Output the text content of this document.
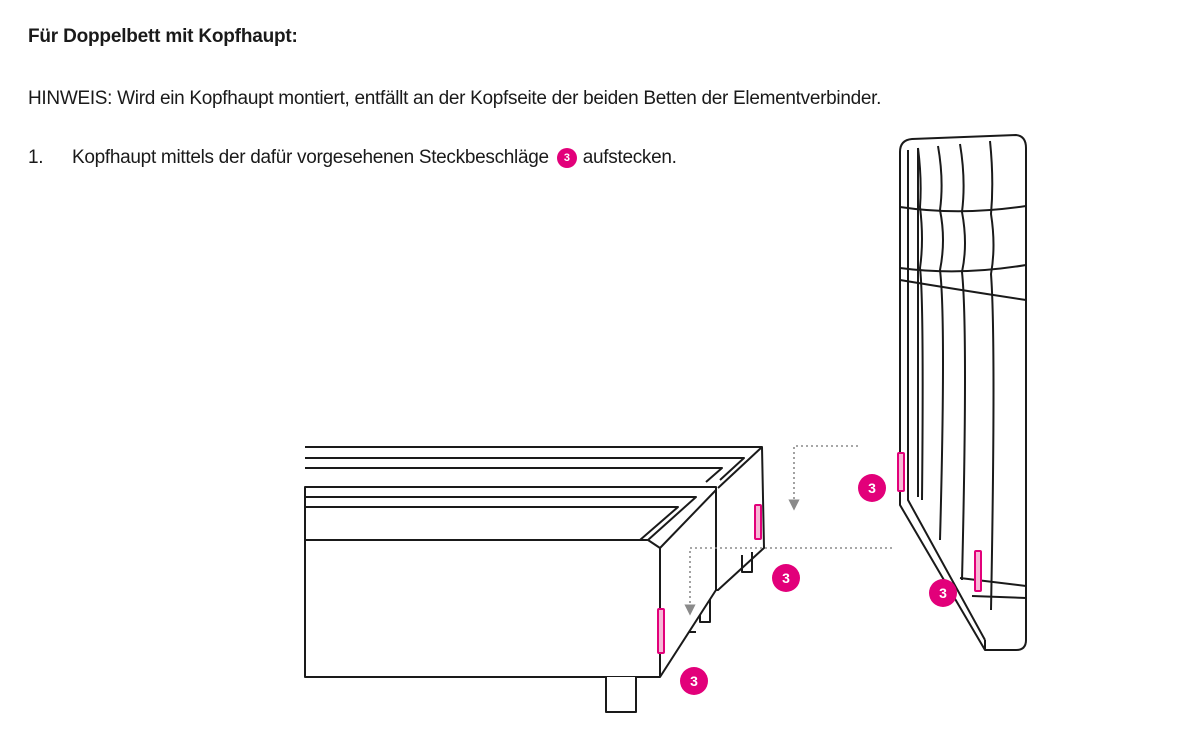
Für Doppelbett mit Kopfhaupt:
HINWEIS: Wird ein Kopfhaupt montiert, entfällt an der Kopfseite der beiden Betten der Elementverbinder.
1.	Kopfhaupt mittels der dafür vorgesehenen Steckbeschläge	3 aufstecken.
3
3
3
3
